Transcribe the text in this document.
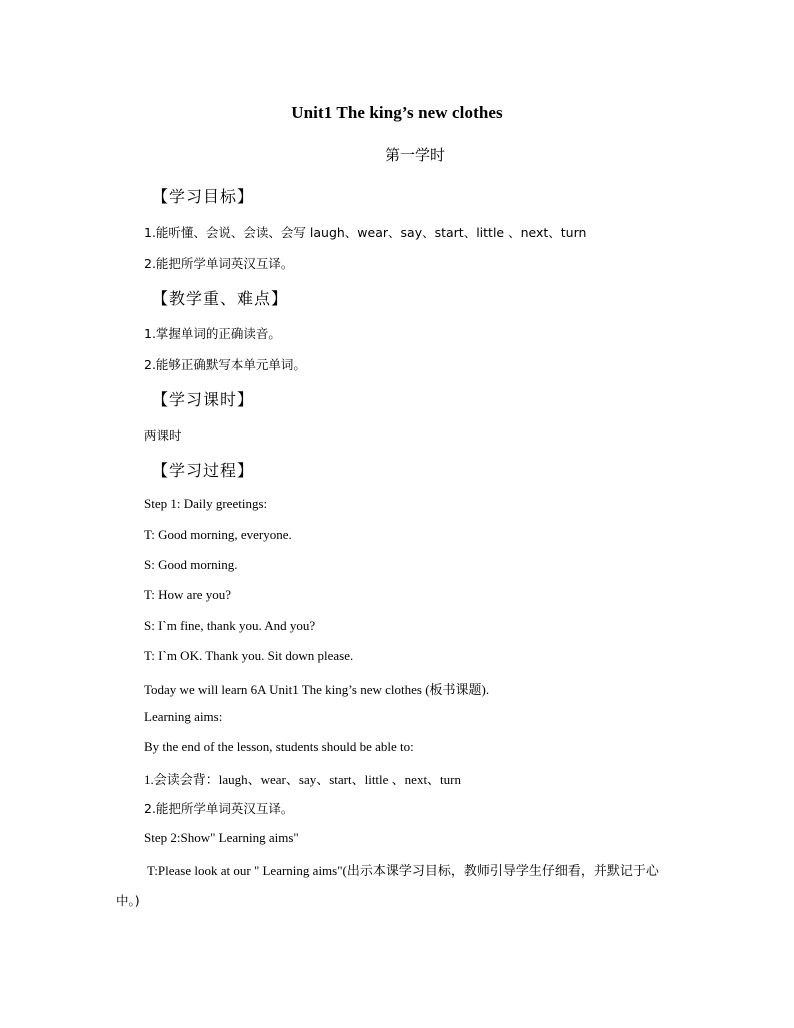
Unit1 The king’s new clothes
第一学时
【学习目标】
1.能听懂、会说、会读、会写 laugh、wear、say、start、little 、next、turn
2.能把所学单词英汉互译。
【教学重、难点】
1.掌握单词的正确读音。
2.能够正确默写本单元单词。
【学习课时】
两课时
【学习过程】
Step 1: Daily greetings:
T: Good morning, everyone.
S: Good morning.
T: How are you?
S: I`m fine, thank you. And you?
T: I`m OK. Thank you. Sit down please.
Today we will learn 6A Unit1 The king’s new clothes (板书课题).
Learning aims:
By the end of the lesson, students should be able to:
1.会读会背：laugh、wear、say、start、little 、next、turn
2.能把所学单词英汉互译。
Step 2:Show" Learning aims"
T:Please look at our " Learning aims"(出示本课学习目标，教师引导学生仔细看，并默记于心
中。)
